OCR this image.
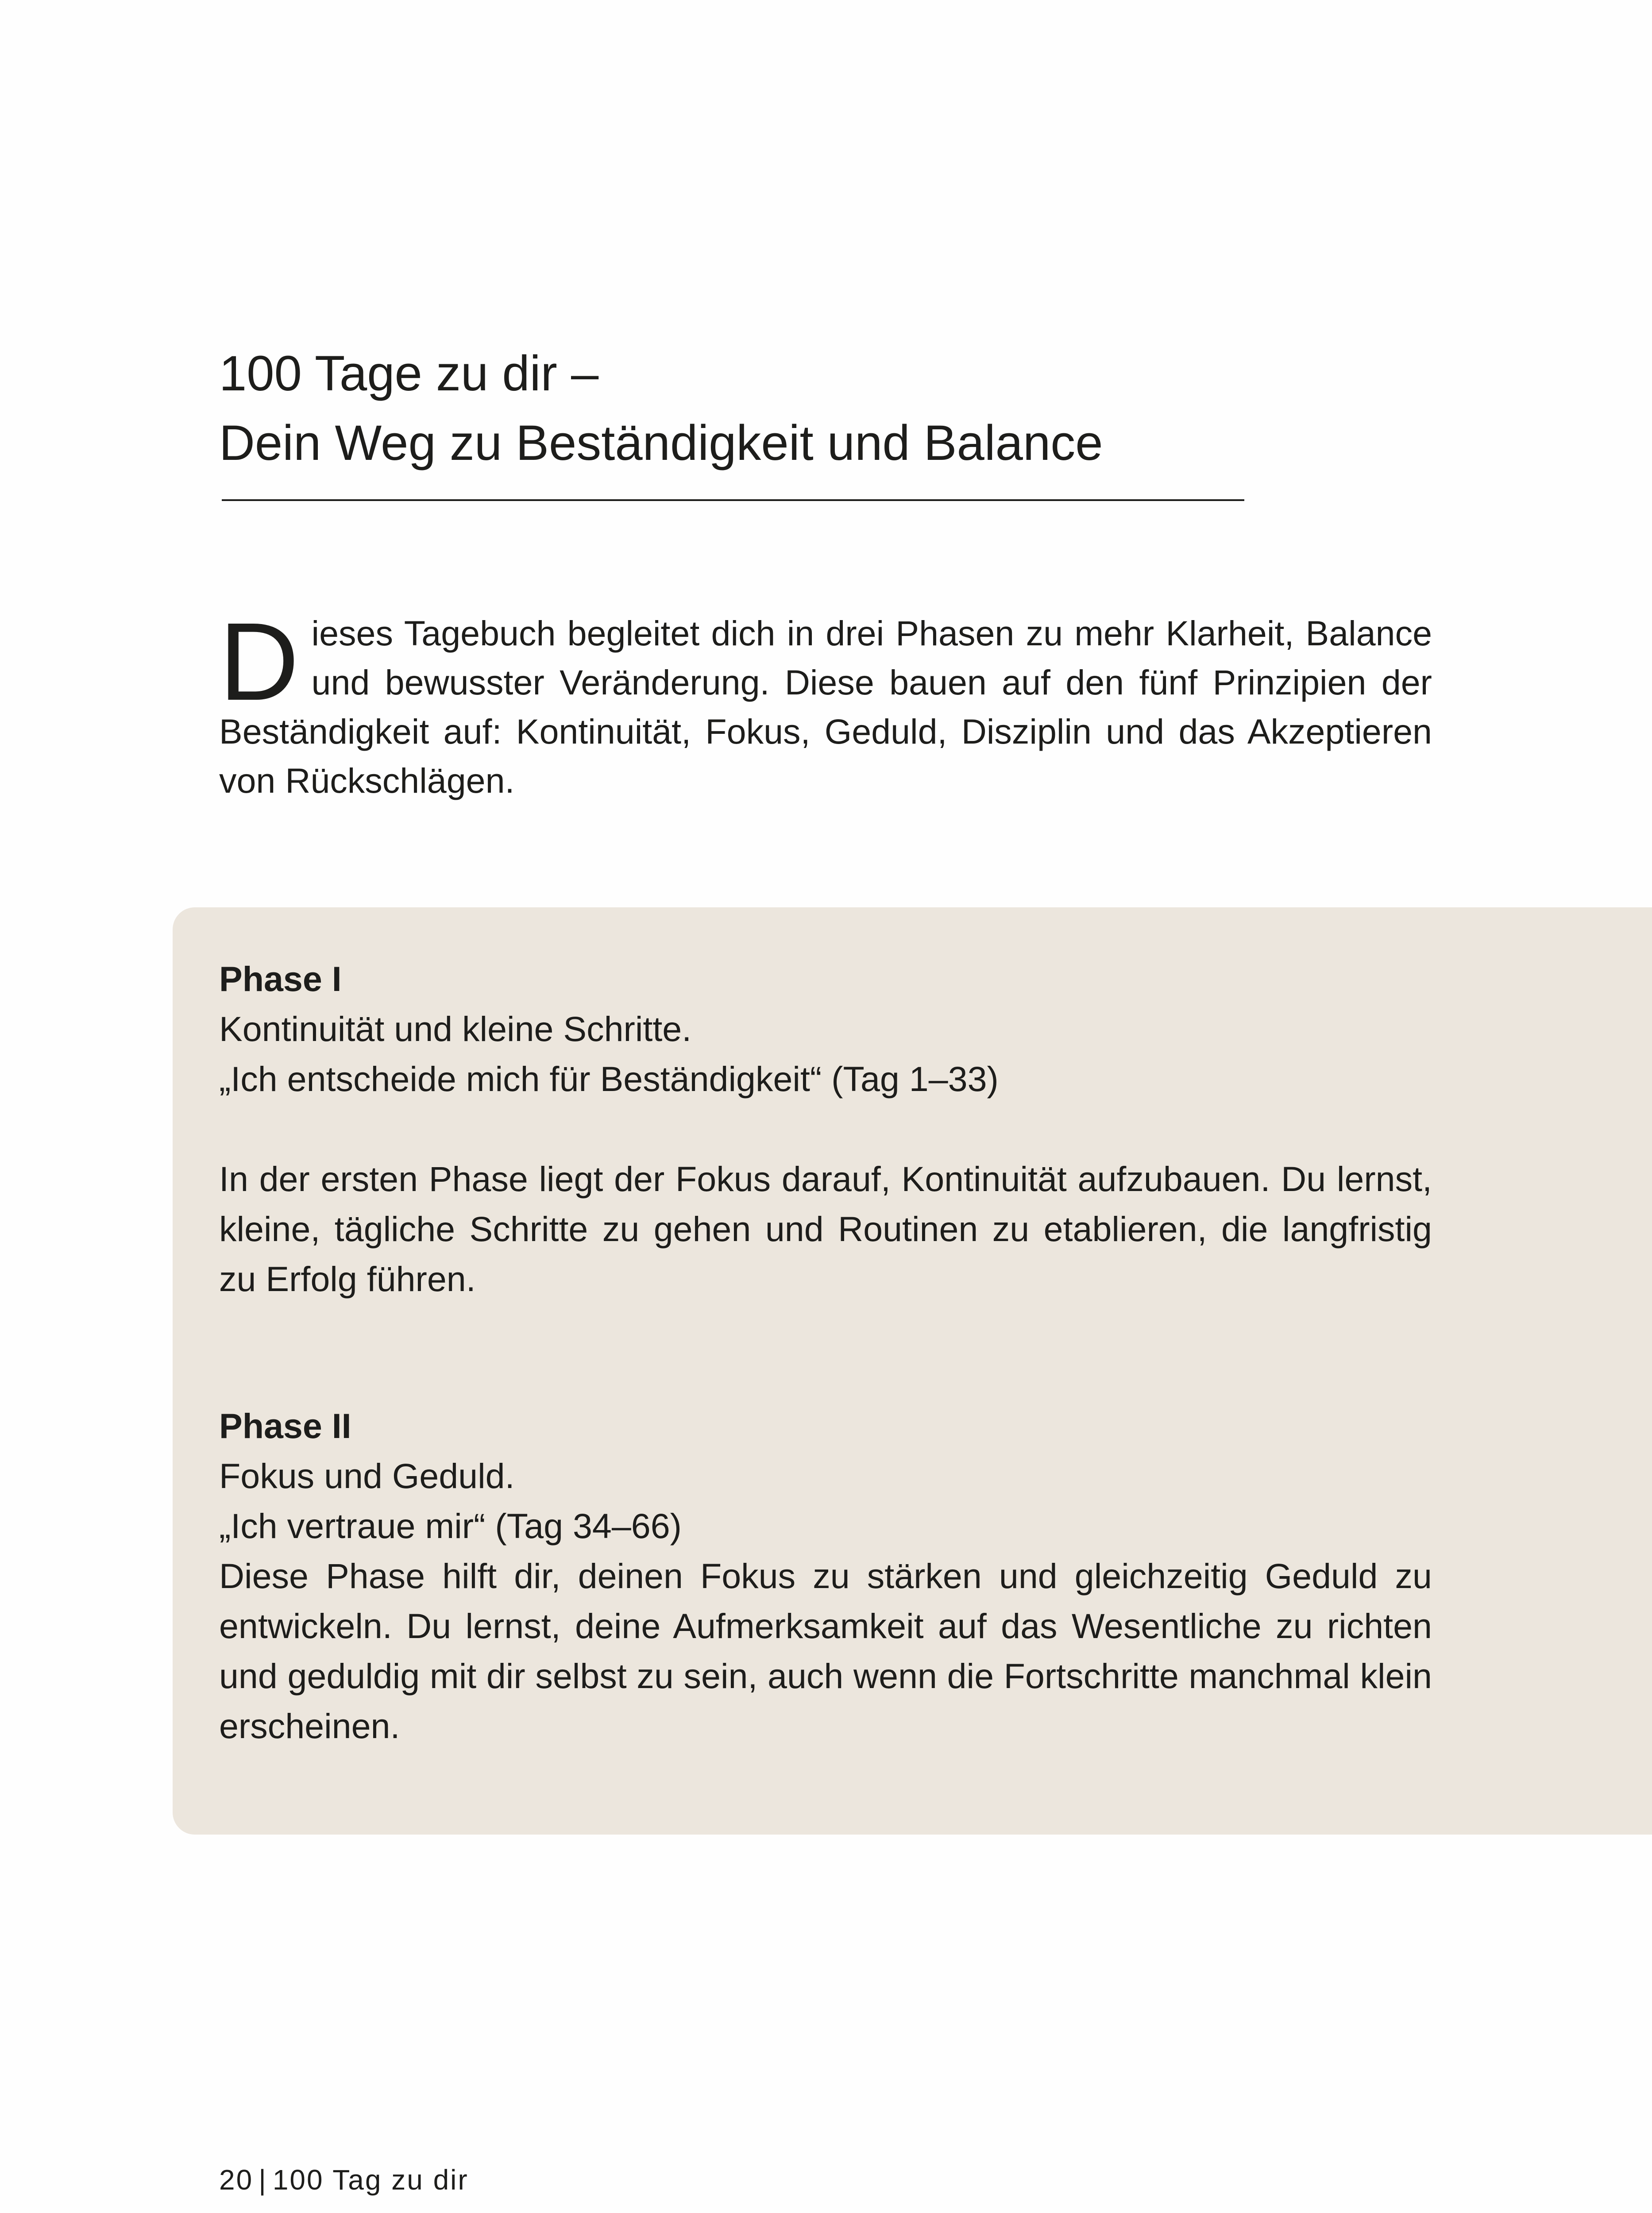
100 Tage zu dir –
Dein Weg zu Beständigkeit und Balance

Dieses Tagebuch begleitet dich in drei Phasen zu mehr Klarheit, Balance und bewusster Veränderung. Diese bauen auf den fünf Prinzipien der Beständigkeit auf: Kontinuität, Fokus, Geduld, Disziplin und das Akzeptieren von Rückschlägen.

Phase I

Kontinuität und kleine Schritte.

„Ich entscheide mich für Beständigkeit“ (Tag 1–33)

In der ersten Phase liegt der Fokus darauf, Kontinuität aufzubauen. Du lernst, kleine, tägliche Schritte zu gehen und Routinen zu etablieren, die langfristig zu Erfolg führen.

Phase II

Fokus und Geduld.

„Ich vertraue mir“ (Tag 34–66)

Diese Phase hilft dir, deinen Fokus zu stärken und gleichzeitig Geduld zu entwickeln. Du lernst, deine Aufmerksamkeit auf das Wesentliche zu richten und geduldig mit dir selbst zu sein, auch wenn die Fortschritte manchmal klein erscheinen.

20 | 100 Tag zu dir
